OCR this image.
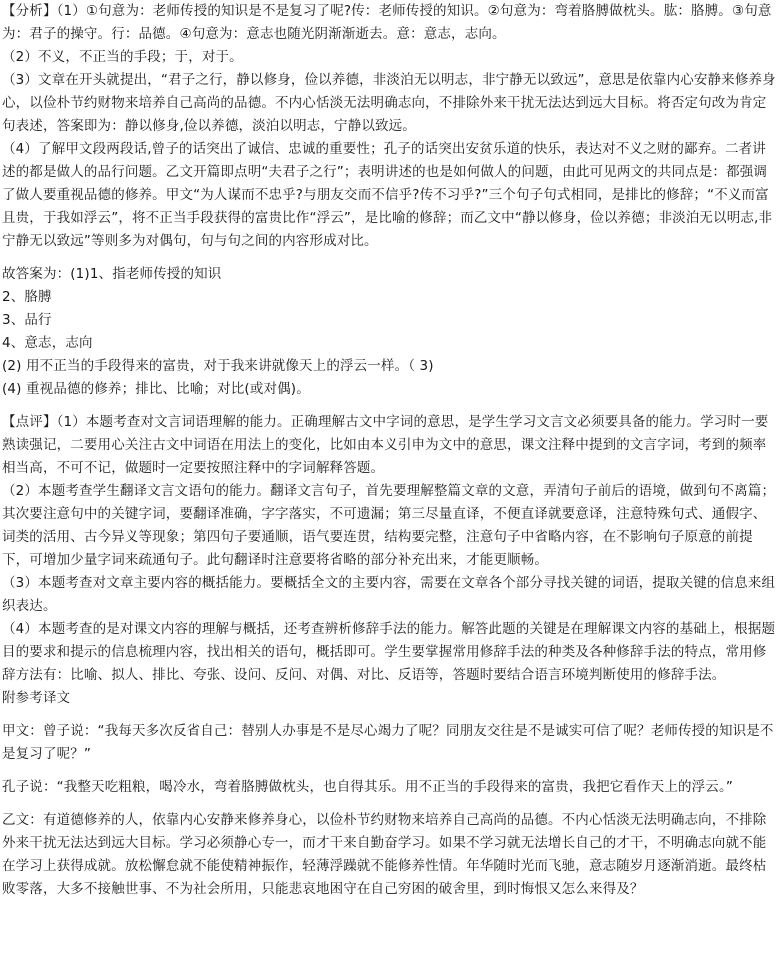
【分析】（1）①句意为：老师传授的知识是不是复习了呢?传：老师传授的知识。②句意为：弯着胳膊做枕头。肱：胳膊。③句意为：君子的操守。行：品德。④句意为：意志也随光阴渐渐逝去。意：意志，志向。

（2）不义，不正当的手段；于，对于。

（3）文章在开头就提出，“君子之行，静以修身，俭以养德，非淡泊无以明志，非宁静无以致远”，意思是依靠内心安静来修养身心，以俭朴节约财物来培养自己高尚的品德。不内心恬淡无法明确志向，不排除外来干扰无法达到远大目标。将否定句改为肯定句表述，答案即为：静以修身,俭以养德，淡泊以明志，宁静以致远。

（4）了解甲文段两段话,曾子的话突出了诚信、忠诚的重要性；孔子的话突出安贫乐道的快乐，表达对不义之财的鄙弃。二者讲述的都是做人的品行问题。乙文开篇即点明“夫君子之行”；表明讲述的也是如何做人的问题，由此可见两文的共同点是：都强调了做人要重视品德的修养。甲文“为人谋而不忠乎?与朋友交而不信乎?传不习乎?”三个句子句式相同，是排比的修辞；“不义而富且贵，于我如浮云”，将不正当手段获得的富贵比作“浮云”，是比喻的修辞；而乙文中“静以修身，俭以养德；非淡泊无以明志,非宁静无以致远”等则多为对偶句，句与句之间的内容形成对比。

故答案为：(1)1、指老师传授的知识

2、胳膊

3、品行

4、意志，志向

(2) 用不正当的手段得来的富贵，对于我来讲就像天上的浮云一样。（ 3)

(4) 重视品德的修养；排比、比喻；对比(或对偶)。

【点评】（1）本题考查对文言词语理解的能力。正确理解古文中字词的意思，是学生学习文言文必须要具备的能力。学习时一要熟读强记，二要用心关注古文中词语在用法上的变化，比如由本义引申为文中的意思，课文注释中提到的文言字词，考到的频率相当高，不可不记，做题时一定要按照注释中的字词解释答题。

（2）本题考查学生翻译文言文语句的能力。翻译文言句子，首先要理解整篇文章的文意，弄清句子前后的语境，做到句不离篇；其次要注意句中的关键字词，要翻译准确，字字落实，不可遗漏；第三尽量直译，不便直译就要意译，注意特殊句式、通假字、词类的活用、古今异义等现象；第四句子要通顺，语气要连贯，结构要完整，注意句子中省略内容，在不影响句子原意的前提下，可增加少量字词来疏通句子。此句翻译时注意要将省略的部分补充出来，才能更顺畅。

（3）本题考查对文章主要内容的概括能力。要概括全文的主要内容，需要在文章各个部分寻找关键的词语，提取关键的信息来组织表达。

（4）本题考查的是对课文内容的理解与概括，还考查辨析修辞手法的能力。解答此题的关键是在理解课文内容的基础上，根据题目的要求和提示的信息梳理内容，找出相关的语句，概括即可。学生要掌握常用修辞手法的种类及各种修辞手法的特点，常用修辞方法有：比喻、拟人、排比、夸张、设问、反问、对偶、对比、反语等，答题时要结合语言环境判断使用的修辞手法。

附参考译文

甲文：曾子说：“我每天多次反省自己：替别人办事是不是尽心竭力了呢？同朋友交往是不是诚实可信了呢？老师传授的知识是不是复习了呢？”

孔子说：“我整天吃粗粮，喝冷水，弯着胳膊做枕头，也自得其乐。用不正当的手段得来的富贵，我把它看作天上的浮云。”

乙文：有道德修养的人，依靠内心安静来修养身心，以俭朴节约财物来培养自己高尚的品德。不内心恬淡无法明确志向，不排除外来干扰无法达到远大目标。学习必须静心专一，而才干来自勤奋学习。如果不学习就无法增长自己的才干，不明确志向就不能在学习上获得成就。放松懈怠就不能使精神振作，轻薄浮躁就不能修养性情。年华随时光而飞驰，意志随岁月逐渐消逝。最终枯败零落，大多不接触世事、不为社会所用，只能悲哀地困守在自己穷困的破舍里，到时悔恨又怎么来得及？
